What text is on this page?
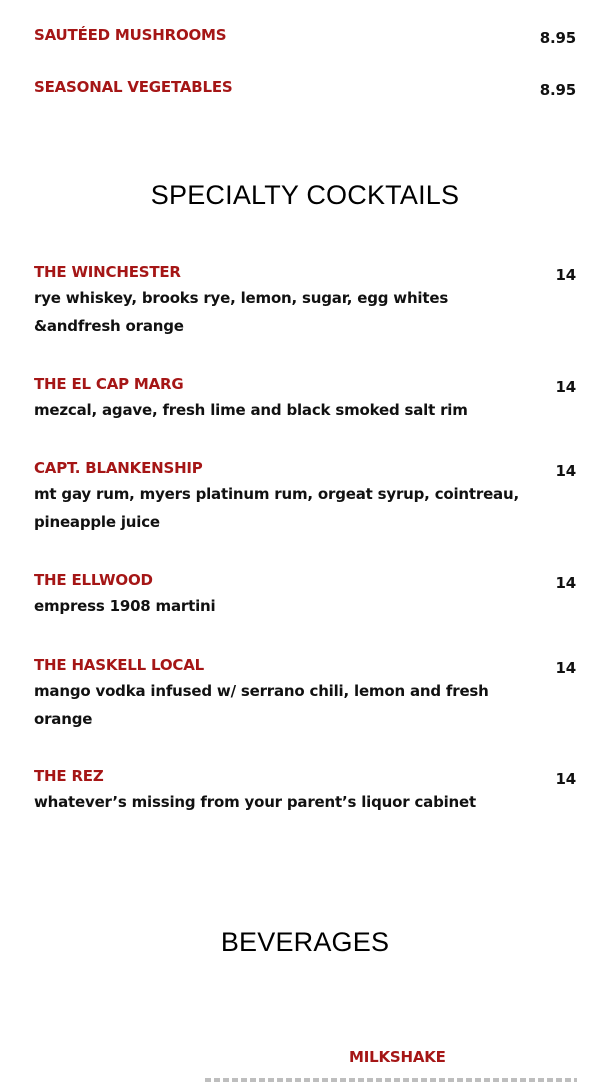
SAUTÉED MUSHROOMS	8.95
SEASONAL VEGETABLES	8.95
SPECIALTY COCKTAILS
THE WINCHESTER	14
rye whiskey, brooks rye, lemon, sugar, egg whites &andfresh orange
THE EL CAP MARG	14
mezcal, agave, fresh lime and black smoked salt rim
CAPT. BLANKENSHIP	14
mt gay rum, myers platinum rum, orgeat syrup, cointreau, pineapple juice
THE ELLWOOD	14
empress 1908 martini
THE HASKELL LOCAL	14
mango vodka infused w/ serrano chili, lemon and fresh orange
THE REZ	14
whatever’s missing from your parent’s liquor cabinet
BEVERAGES
MILKSHAKE
